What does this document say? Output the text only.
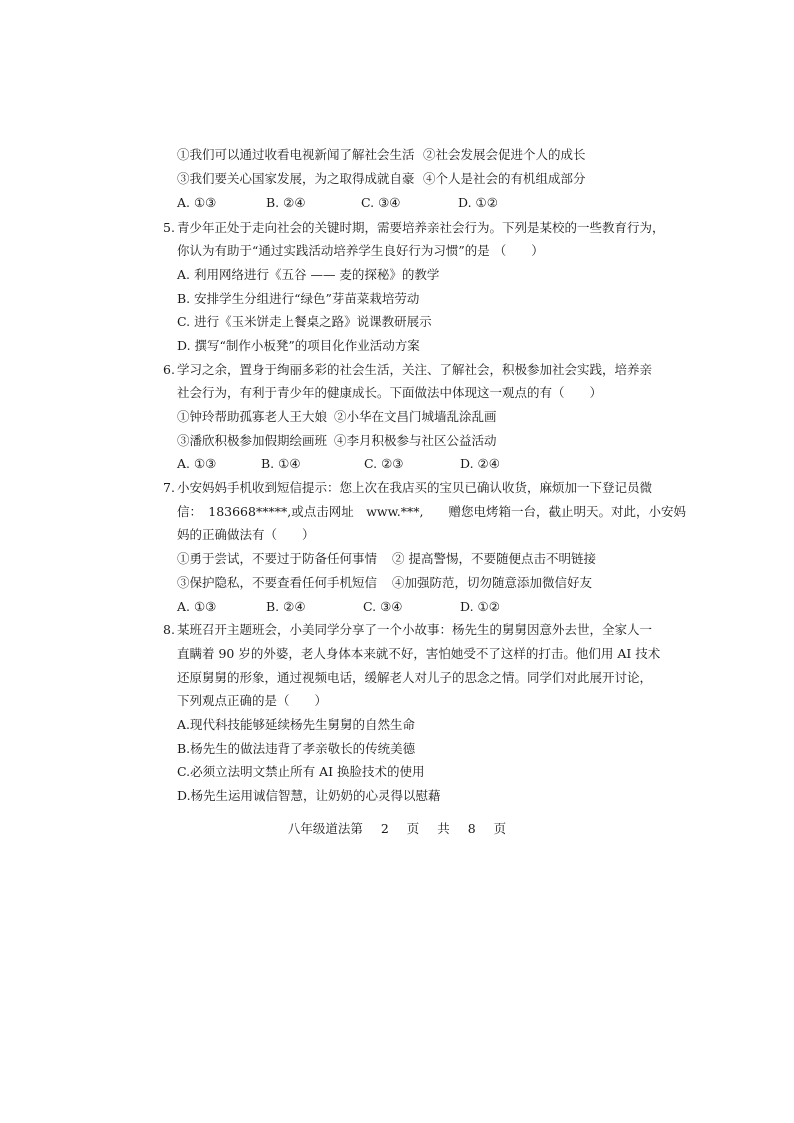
①我们可以通过收看电视新闻了解社会生活 ②社会发展会促进个人的成长
③我们要关心国家发展，为之取得成就自豪 ④个人是社会的有机组成部分
A. ①③	B. ②④	C. ③④	D. ①②
5. 青少年正处于走向社会的关键时期，需要培养亲社会行为。下列是某校的一些教育行为，
你认为有助于“通过实践活动培养学生良好行为习惯”的是 （　　）
A. 利用网络进行《五谷 —— 麦的探秘》的教学
B. 安排学生分组进行“绿色”芽苗菜栽培劳动
C. 进行《玉米饼走上餐桌之路》说课教研展示
D. 撰写“制作小板凳”的项目化作业活动方案
6. 学习之余，置身于绚丽多彩的社会生活，关注、了解社会，积极参加社会实践，培养亲
社会行为，有利于青少年的健康成长。下面做法中体现这一观点的有（　　）
①钟玲帮助孤寡老人王大娘 ②小华在文昌门城墙乱涂乱画
③潘欣积极参加假期绘画班 ④李月积极参与社区公益活动
A. ①③	B. ①④	C. ②③	D. ②④
7. 小安妈妈手机收到短信提示：您上次在我店买的宝贝已确认收货，麻烦加一下登记员微
信：　183668*****,或点击网址　www.***,　　赠您电烤箱一台，截止明天。对此，小安妈
妈的正确做法有（　　）
①勇于尝试，不要过于防备任何事情 ② 提高警惕，不要随便点击不明链接
③保护隐私，不要查看任何手机短信 ④加强防范，切勿随意添加微信好友
A. ①③	B. ②④	C. ③④	D. ①②
8. 某班召开主题班会，小美同学分享了一个小故事：杨先生的舅舅因意外去世，全家人一
直瞒着 90 岁的外婆，老人身体本来就不好，害怕她受不了这样的打击。他们用 AI 技术
还原舅舅的形象，通过视频电话，缓解老人对儿子的思念之情。同学们对此展开讨论，
下列观点正确的是（　　）
A.现代科技能够延续杨先生舅舅的自然生命
B.杨先生的做法违背了孝亲敬长的传统美德
C.必须立法明文禁止所有 AI 换脸技术的使用
D.杨先生运用诚信智慧，让奶奶的心灵得以慰藉
八年级道法第 2 页 共 8 页
